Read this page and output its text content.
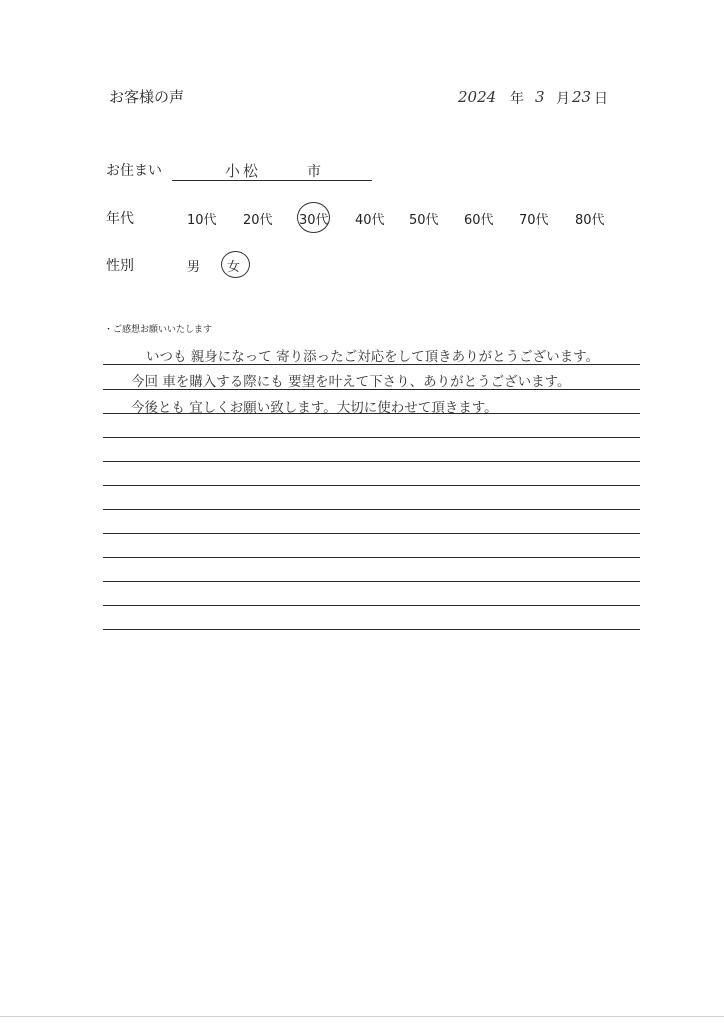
お客様の声	2024 年 3 月 23 日
お住まい	小松	市
年代	10代 20代 30代 40代 50代 60代 70代 80代
性別	男 女
・ご感想お願いいたします
いつも 親身になって 寄り添ったご対応をして頂きありがとうございます。
今回 車を購入する際にも 要望を叶えて下さり、ありがとうございます。
今後とも 宜しくお願い致します。大切に使わせて頂きます。
